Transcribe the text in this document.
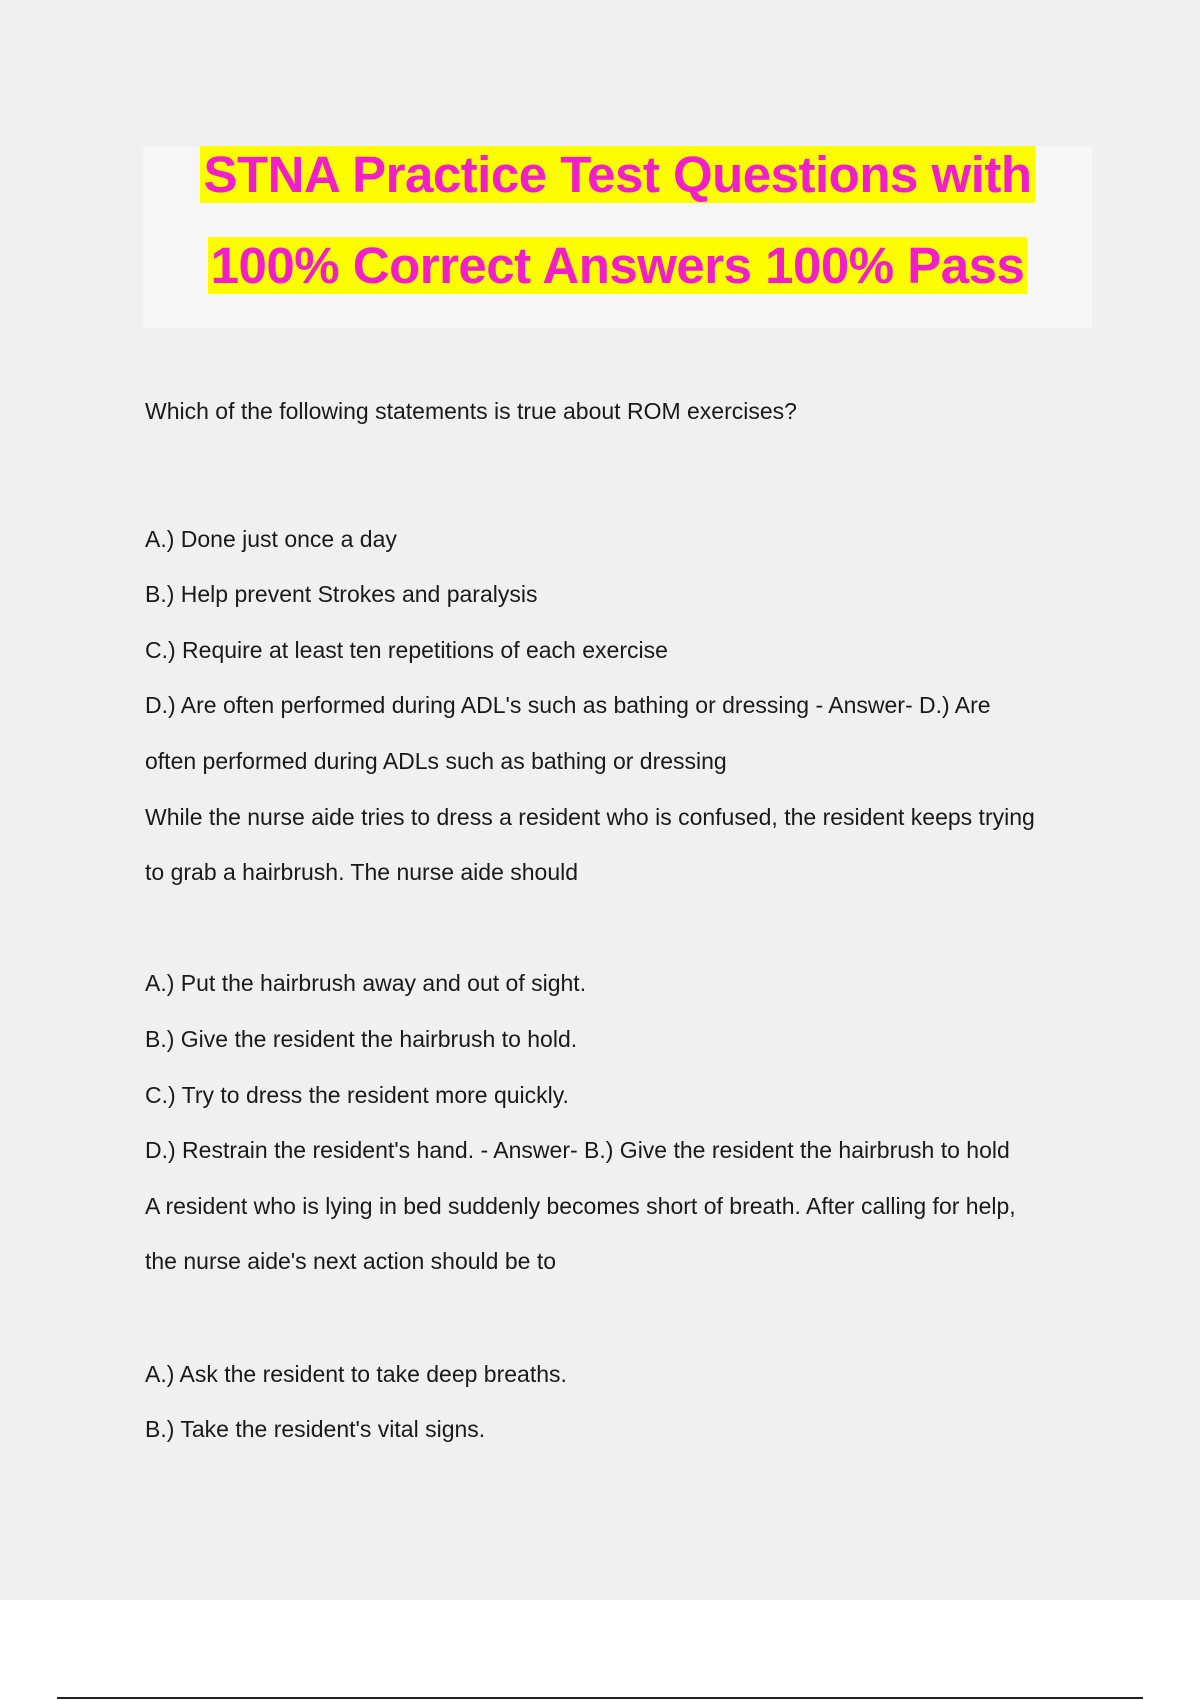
STNA Practice Test Questions with
100% Correct Answers 100% Pass
Which of the following statements is true about ROM exercises?
A.) Done just once a day
B.) Help prevent Strokes and paralysis
C.) Require at least ten repetitions of each exercise
D.) Are often performed during ADL's such as bathing or dressing - Answer- D.) Are
often performed during ADLs such as bathing or dressing
While the nurse aide tries to dress a resident who is confused, the resident keeps trying
to grab a hairbrush. The nurse aide should
A.) Put the hairbrush away and out of sight.
B.) Give the resident the hairbrush to hold.
C.) Try to dress the resident more quickly.
D.) Restrain the resident's hand. - Answer- B.) Give the resident the hairbrush to hold
A resident who is lying in bed suddenly becomes short of breath. After calling for help,
the nurse aide's next action should be to
A.) Ask the resident to take deep breaths.
B.) Take the resident's vital signs.
